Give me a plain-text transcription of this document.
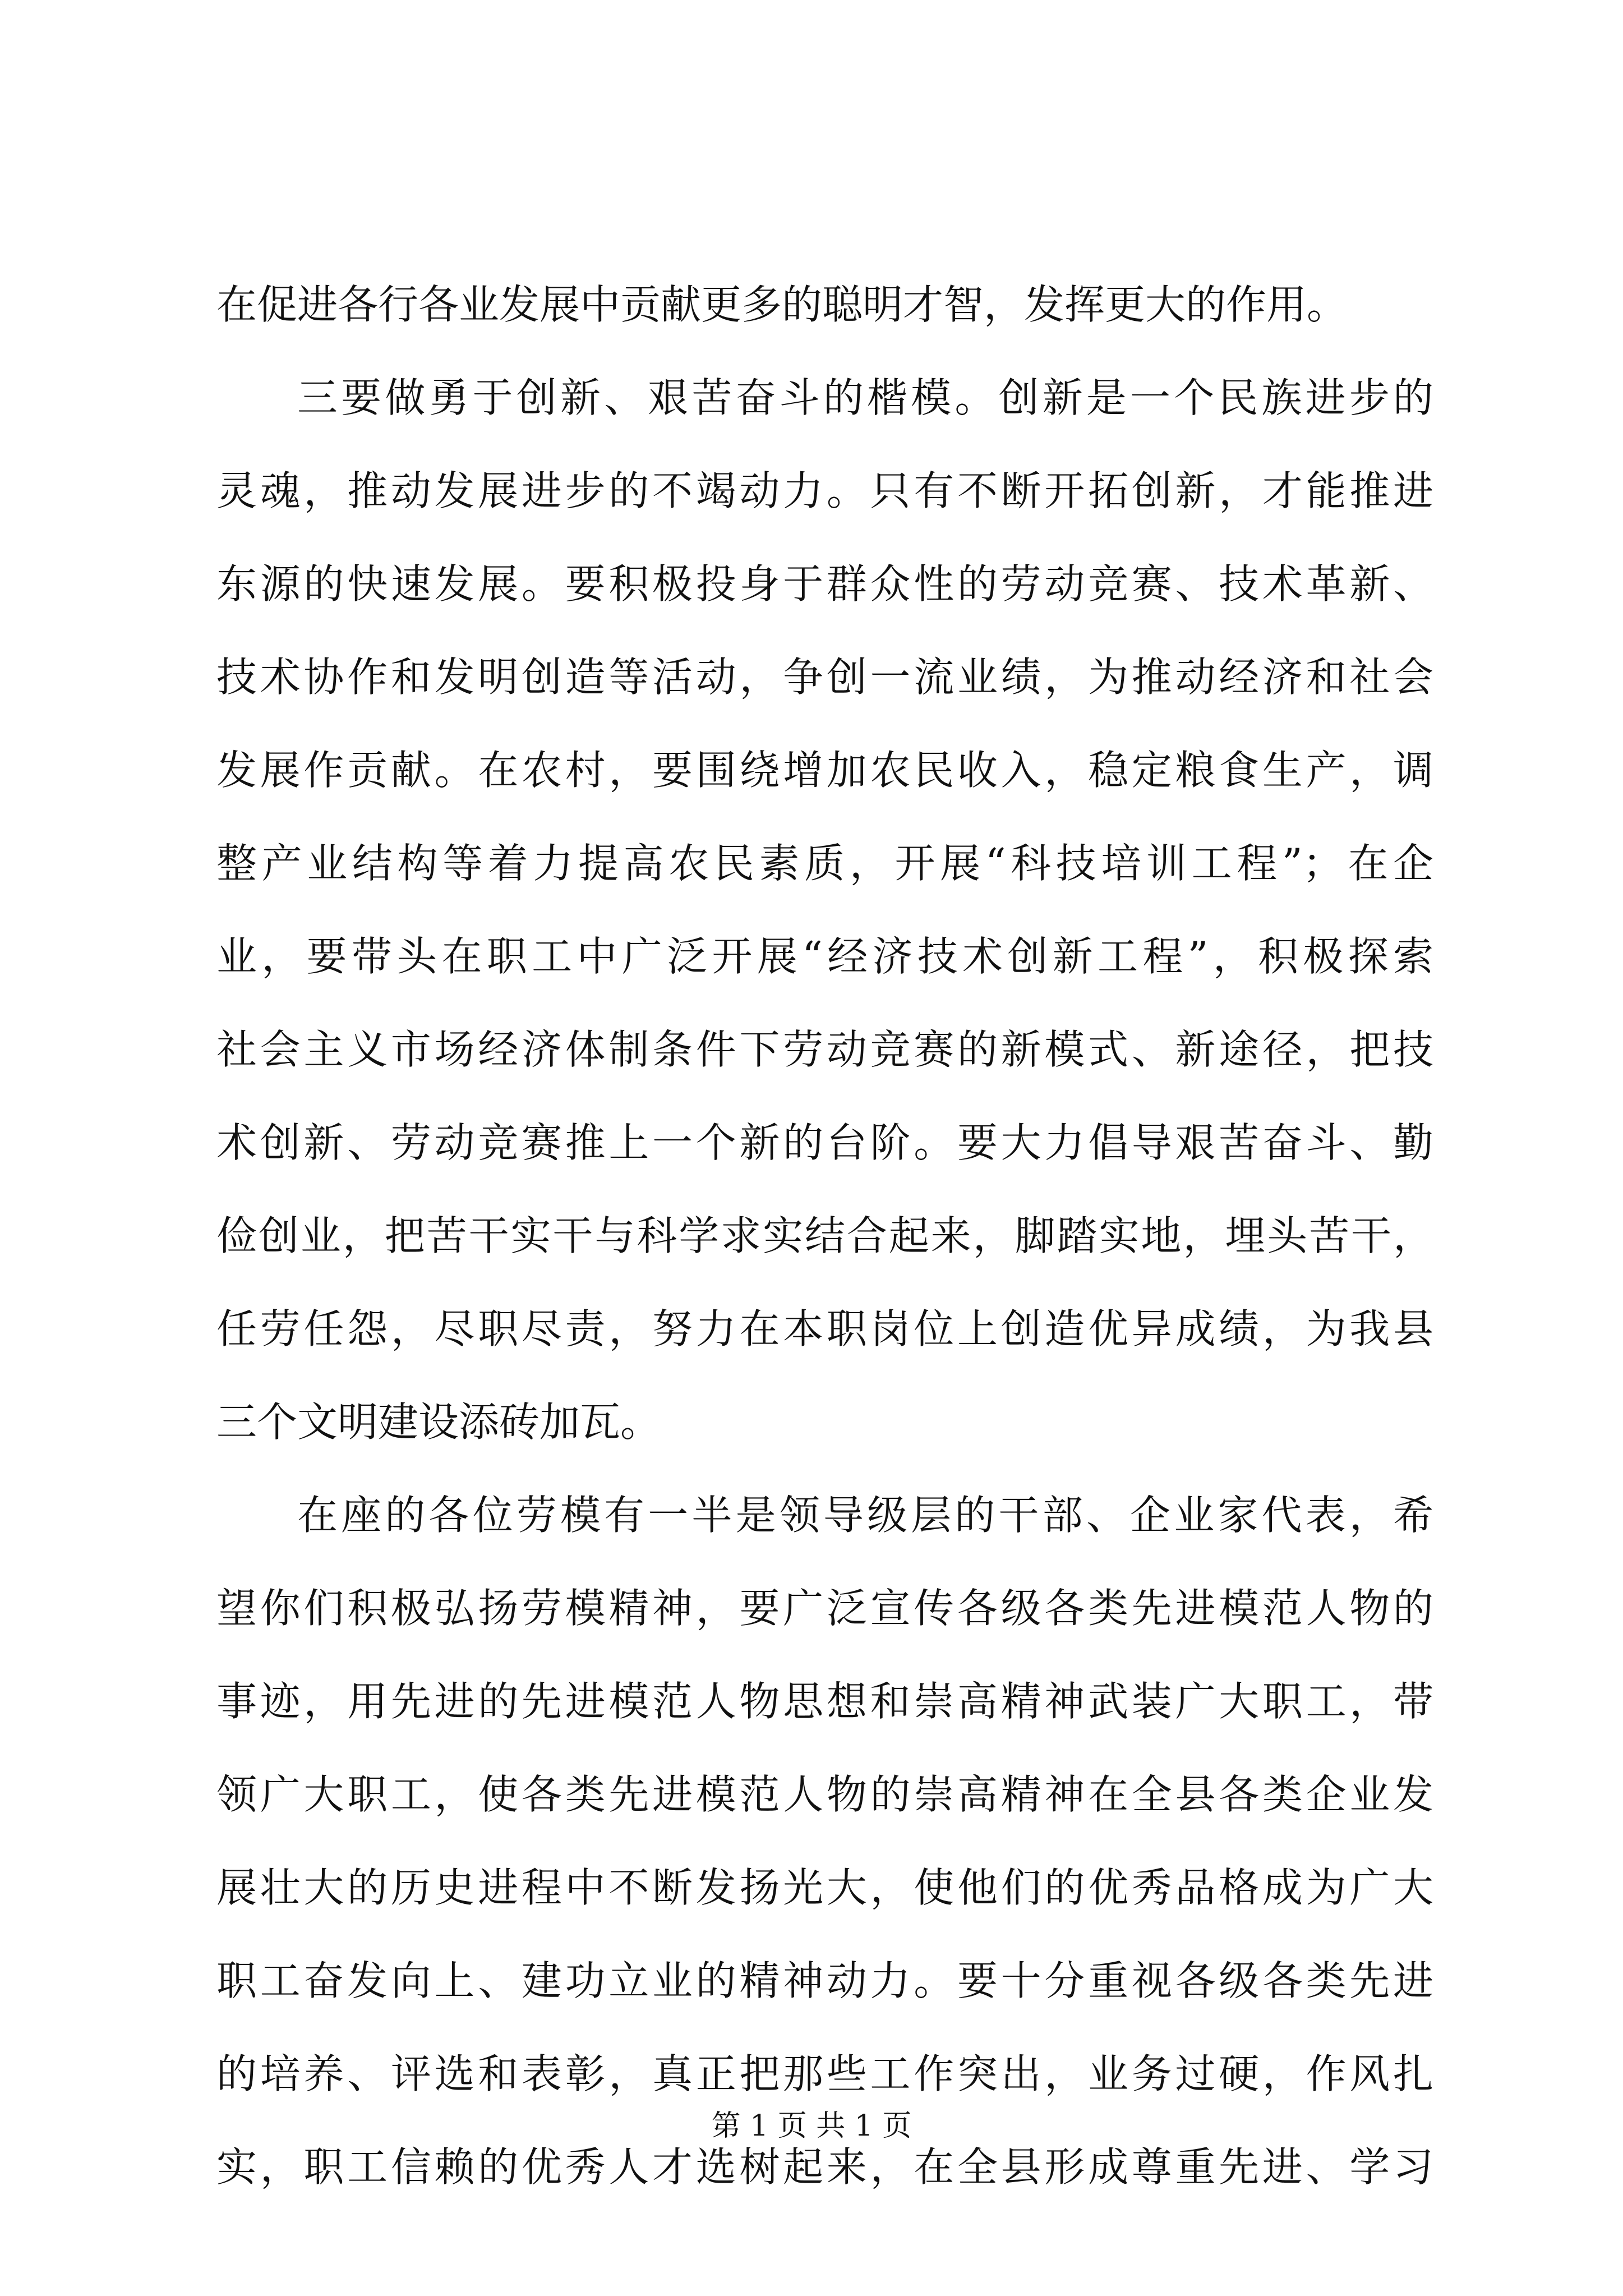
在促进各行各业发展中贡献更多的聪明才智，发挥更大的作用。
三要做勇于创新、艰苦奋斗的楷模。创新是一个民族进步的
灵魂，推动发展进步的不竭动力。只有不断开拓创新，才能推进
东源的快速发展。要积极投身于群众性的劳动竞赛、技术革新、
技术协作和发明创造等活动，争创一流业绩，为推动经济和社会
发展作贡献。在农村，要围绕增加农民收入，稳定粮食生产，调
整产业结构等着力提高农民素质，开展“科技培训工程”；在企
业，要带头在职工中广泛开展“经济技术创新工程”，积极探索
社会主义市场经济体制条件下劳动竞赛的新模式、新途径，把技
术创新、劳动竞赛推上一个新的台阶。要大力倡导艰苦奋斗、勤
俭创业，把苦干实干与科学求实结合起来，脚踏实地，埋头苦干，
任劳任怨，尽职尽责，努力在本职岗位上创造优异成绩，为我县
三个文明建设添砖加瓦。
在座的各位劳模有一半是领导级层的干部、企业家代表，希
望你们积极弘扬劳模精神，要广泛宣传各级各类先进模范人物的
事迹，用先进的先进模范人物思想和崇高精神武装广大职工，带
领广大职工，使各类先进模范人物的崇高精神在全县各类企业发
展壮大的历史进程中不断发扬光大，使他们的优秀品格成为广大
职工奋发向上、建功立业的精神动力。要十分重视各级各类先进
的培养、评选和表彰，真正把那些工作突出，业务过硬，作风扎
实，职工信赖的优秀人才选树起来，在全县形成尊重先进、学习
第 1 页 共 1 页
